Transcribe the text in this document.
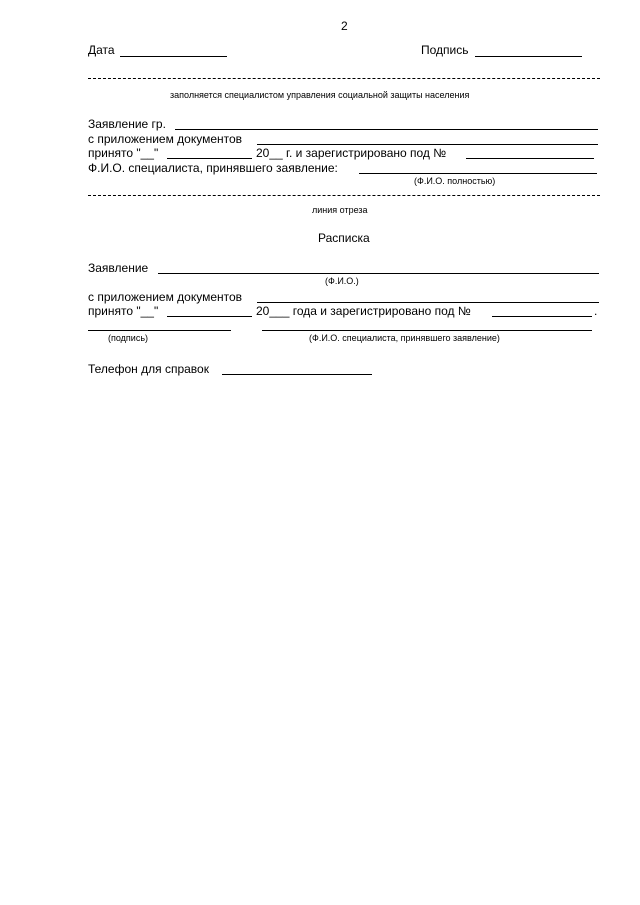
2
Дата	Подпись
заполняется специалистом управления социальной защиты населения
Заявление гр.
с приложением документов
принято "__"	20__ г. и зарегистрировано под №
Ф.И.О. специалиста, принявшего заявление:
(Ф.И.О. полностью)
линия отреза
Расписка
Заявление
(Ф.И.О.)
с приложением документов
принято "__"	20___ года и зарегистрировано под №	.
(подпись)	(Ф.И.О. специалиста, принявшего заявление)
Телефон для справок
